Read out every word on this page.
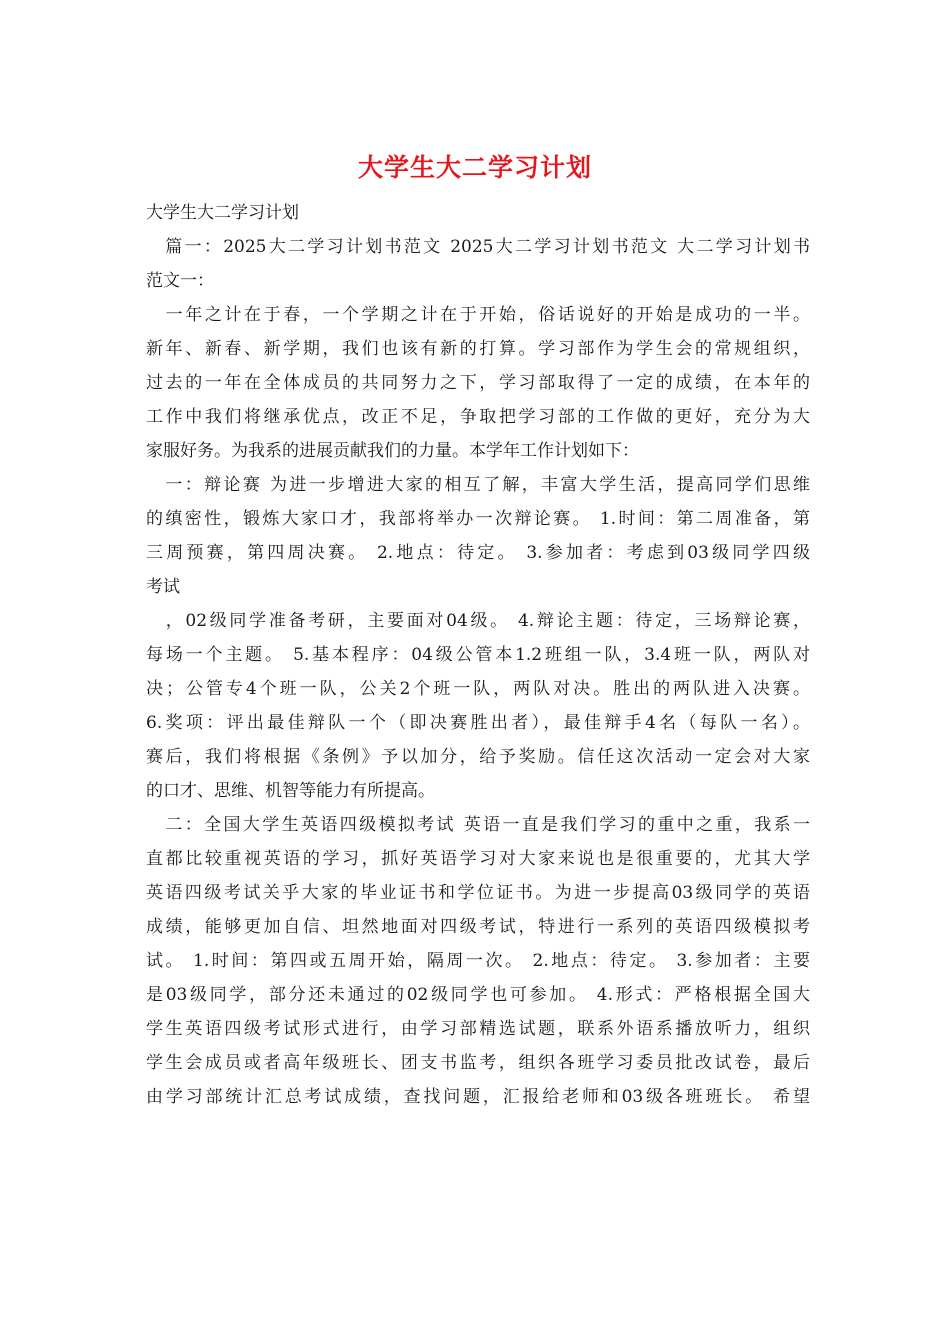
大学生大二学习计划
大学生大二学习计划
　篇一：2025大二学习计划书范文 2025大二学习计划书范文 大二学习计划书
范文一：
　一年之计在于春，一个学期之计在于开始，俗话说好的开始是成功的一半。
新年、新春、新学期，我们也该有新的打算。学习部作为学生会的常规组织，
过去的一年在全体成员的共同努力之下，学习部取得了一定的成绩，在本年的
工作中我们将继承优点，改正不足，争取把学习部的工作做的更好，充分为大
家服好务。为我系的进展贡献我们的力量。本学年工作计划如下：
　一：辩论赛 为进一步增进大家的相互了解，丰富大学生活，提高同学们思维
的缜密性，锻炼大家口才，我部将举办一次辩论赛。 1.时间：第二周准备，第
三周预赛，第四周决赛。 2.地点：待定。 3.参加者：考虑到03级同学四级
考试
　，02级同学准备考研，主要面对04级。 4.辩论主题：待定，三场辩论赛，
每场一个主题。 5.基本程序：04级公管本1.2班组一队，3.4班一队，两队对
决；公管专4个班一队，公关2个班一队，两队对决。胜出的两队进入决赛。
6.奖项：评出最佳辩队一个（即决赛胜出者），最佳辩手4名（每队一名）。
赛后，我们将根据《条例》予以加分，给予奖励。信任这次活动一定会对大家
的口才、思维、机智等能力有所提高。
　二：全国大学生英语四级模拟考试 英语一直是我们学习的重中之重，我系一
直都比较重视英语的学习，抓好英语学习对大家来说也是很重要的，尤其大学
英语四级考试关乎大家的毕业证书和学位证书。为进一步提高03级同学的英语
成绩，能够更加自信、坦然地面对四级考试，特进行一系列的英语四级模拟考
试。 1.时间：第四或五周开始，隔周一次。 2.地点：待定。 3.参加者：主要
是03级同学，部分还未通过的02级同学也可参加。 4.形式：严格根据全国大
学生英语四级考试形式进行，由学习部精选试题，联系外语系播放听力，组织
学生会成员或者高年级班长、团支书监考，组织各班学习委员批改试卷，最后
由学习部统计汇总考试成绩，查找问题，汇报给老师和03级各班班长。 希望
